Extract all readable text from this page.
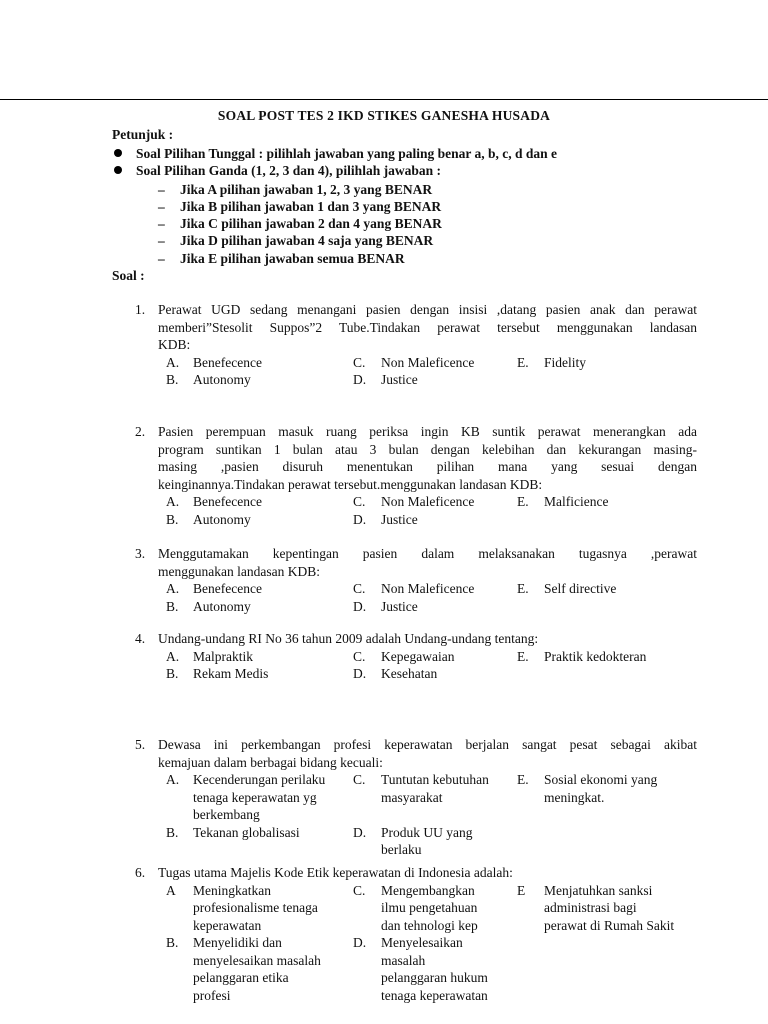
SOAL POST TES 2 IKD STIKES GANESHA HUSADA
Petunjuk :
Soal Pilihan Tunggal : pilihlah jawaban yang paling benar a, b, c, d dan e
Soal Pilihan Ganda (1, 2, 3 dan 4), pilihlah jawaban :
– Jika A pilihan jawaban 1, 2, 3 yang BENAR
– Jika B pilihan jawaban 1 dan 3 yang BENAR
– Jika C pilihan jawaban 2 dan 4 yang BENAR
– Jika D pilihan jawaban 4 saja yang BENAR
– Jika E pilihan jawaban semua BENAR
Soal :
1. Perawat UGD sedang menangani pasien dengan insisi ,datang pasien anak dan perawat
memberi”Stesolit Suppos”2 Tube.Tindakan perawat tersebut menggunakan landasan
KDB:
A. Benefecence	C. Non Maleficence	E. Fidelity
B. Autonomy	D. Justice
2. Pasien perempuan masuk ruang periksa ingin KB suntik perawat menerangkan ada
program suntikan 1 bulan atau 3 bulan dengan kelebihan dan kekurangan masing-
masing ,pasien disuruh menentukan pilihan mana yang sesuai dengan
keinginannya.Tindakan perawat tersebut.menggunakan landasan KDB:
A. Benefecence	C. Non Maleficence	E. Malficience
B. Autonomy	D. Justice
3. Menggutamakan kepentingan pasien dalam melaksanakan tugasnya ,perawat
menggunakan landasan KDB:
A. Benefecence	C. Non Maleficence	E. Self directive
B. Autonomy	D. Justice
4. Undang-undang RI No 36 tahun 2009 adalah Undang-undang tentang:
A. Malpraktik	C. Kepegawaian	E. Praktik kedokteran
B. Rekam Medis	D. Kesehatan
5. Dewasa ini perkembangan profesi keperawatan berjalan sangat pesat sebagai akibat
kemajuan dalam berbagai bidang kecuali:
A. Kecenderungan perilaku
tenaga keperawatan yg
berkembang
C. Tuntutan kebutuhan
masyarakat
E. Sosial ekonomi yang
meningkat.
B. Tekanan globalisasi	D. Produk UU yang
berlaku
6. Tugas utama Majelis Kode Etik keperawatan di Indonesia adalah:
A Meningkatkan
profesionalisme tenaga
keperawatan
C. Mengembangkan
ilmu pengetahuan
dan tehnologi kep
E Menjatuhkan sanksi
administrasi bagi
perawat di Rumah Sakit
B. Menyelidiki dan
menyelesaikan masalah
pelanggaran etika
profesi
D. Menyelesaikan
masalah
pelanggaran hukum
tenaga keperawatan
